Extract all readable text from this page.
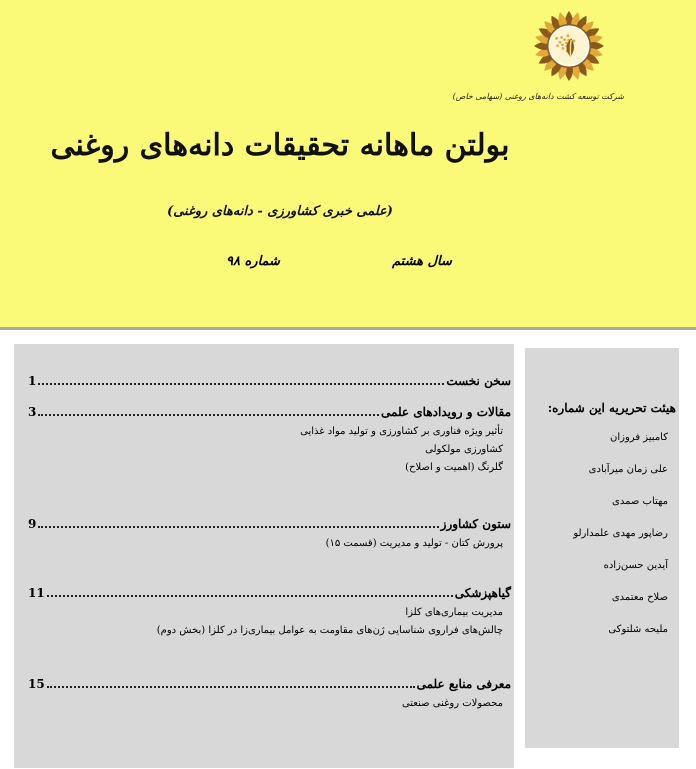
شرکت توسعه کشت دانه‌های روغنی (سهامی خاص)
بولتن ماهانه تحقیقات دانه‌های روغنی
(علمی خبری کشاورزی - دانه‌های روغنی)
سال هشتم
شماره ۹۸
سخن نخست
1
مقالات و رویدادهای علمی
3
تأثیر ویژه فناوری بر کشاورزی و تولید مواد غذایی
کشاورزی مولکولی
گلرنگ (اهمیت و اصلاح)
ستون کشاورز
9
پرورش کتان - تولید و مدیریت (قسمت ۱۵)
گیاهپزشکی
11
مدیریت بیماری‌های کلزا
چالش‌های فراروی شناسایی ژن‌های مقاومت به عوامل بیماری‌زا در کلزا (بخش دوم)
معرفی منابع علمی
15
محصولات روغنی صنعتی
هیئت تحریریه این شماره:
کامبیز فروزان
علی زمان میرآبادی
مهتاب صمدی
رضاپور مهدی علمدارلو
آیدین حسن‌زاده
صلاح معتمدی
ملیحه شلتوکی
